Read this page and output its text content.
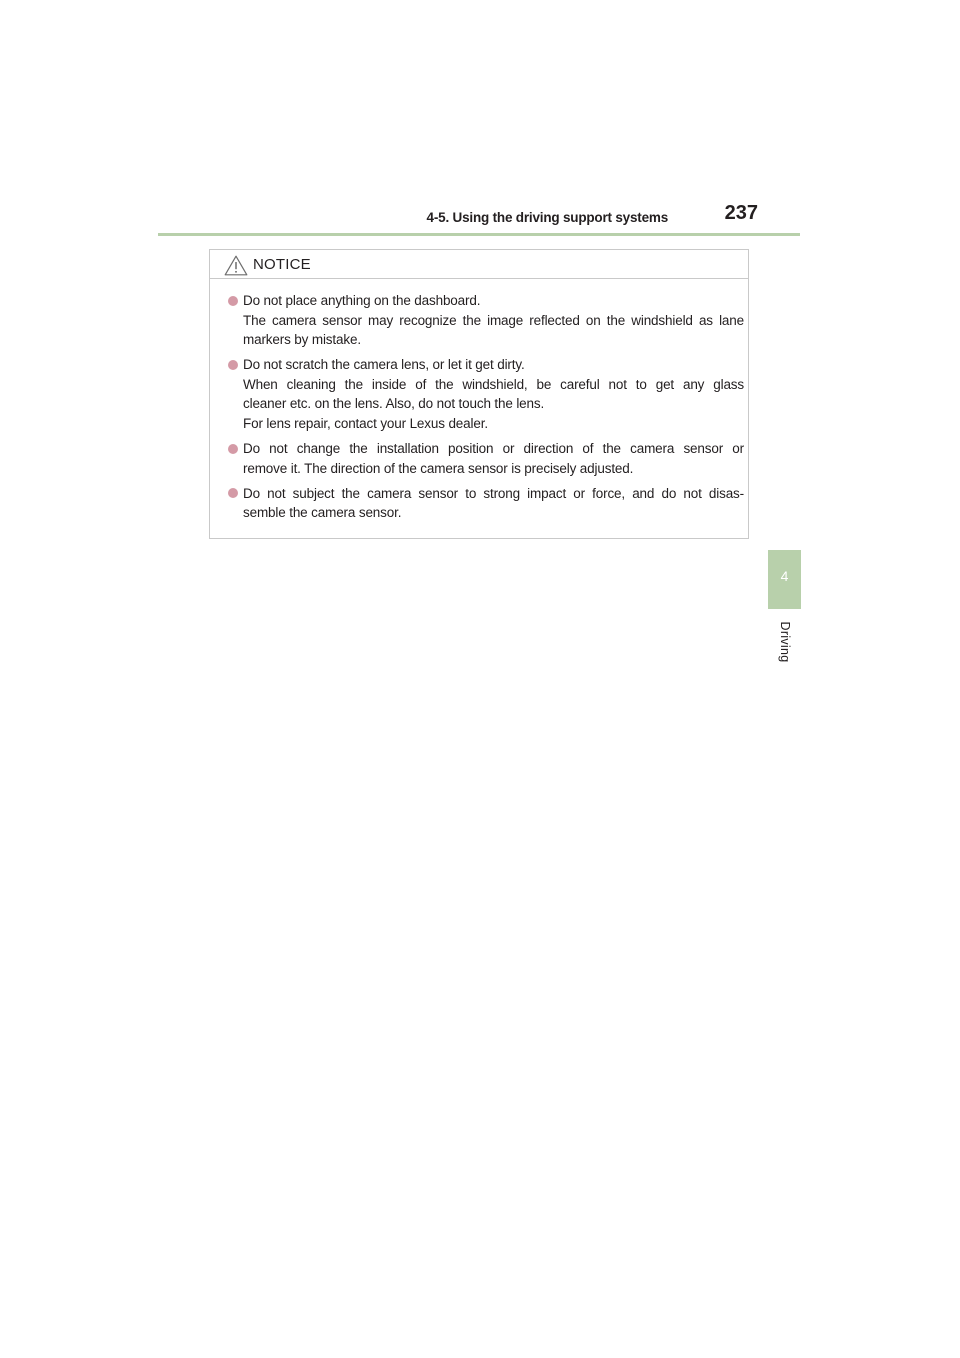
4-5. Using the driving support systems	237
4
Driving
NOTICE
Do not place anything on the dashboard.
The camera sensor may recognize the image reflected on the windshield as lane
markers by mistake.
Do not scratch the camera lens, or let it get dirty.
When cleaning the inside of the windshield, be careful not to get any glass
cleaner etc. on the lens. Also, do not touch the lens.
For lens repair, contact your Lexus dealer.
Do not change the installation position or direction of the camera sensor or
remove it. The direction of the camera sensor is precisely adjusted.
Do not subject the camera sensor to strong impact or force, and do not disas-
semble the camera sensor.
